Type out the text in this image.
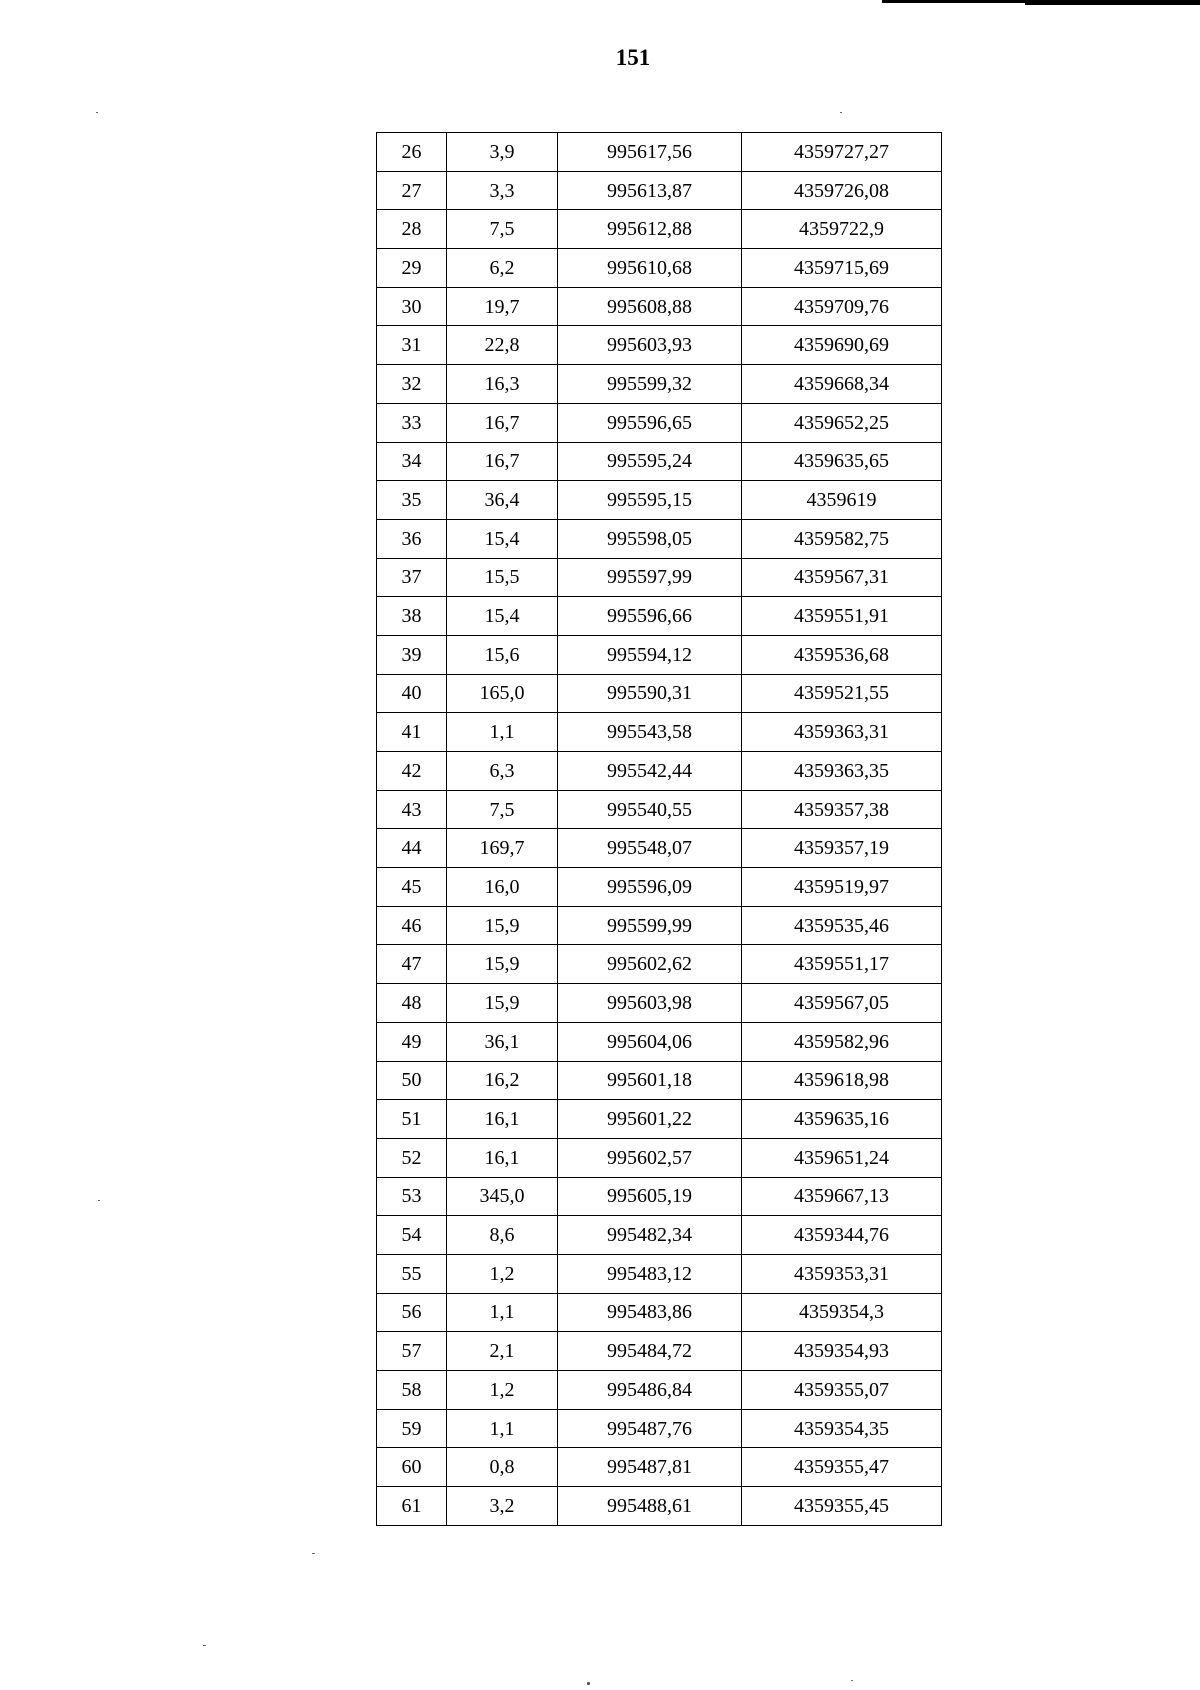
151
26	3,9	995617,56	4359727,27
27	3,3	995613,87	4359726,08
28	7,5	995612,88	4359722,9
29	6,2	995610,68	4359715,69
30	19,7	995608,88	4359709,76
31	22,8	995603,93	4359690,69
32	16,3	995599,32	4359668,34
33	16,7	995596,65	4359652,25
34	16,7	995595,24	4359635,65
35	36,4	995595,15	4359619
36	15,4	995598,05	4359582,75
37	15,5	995597,99	4359567,31
38	15,4	995596,66	4359551,91
39	15,6	995594,12	4359536,68
40	165,0	995590,31	4359521,55
41	1,1	995543,58	4359363,31
42	6,3	995542,44	4359363,35
43	7,5	995540,55	4359357,38
44	169,7	995548,07	4359357,19
45	16,0	995596,09	4359519,97
46	15,9	995599,99	4359535,46
47	15,9	995602,62	4359551,17
48	15,9	995603,98	4359567,05
49	36,1	995604,06	4359582,96
50	16,2	995601,18	4359618,98
51	16,1	995601,22	4359635,16
52	16,1	995602,57	4359651,24
53	345,0	995605,19	4359667,13
54	8,6	995482,34	4359344,76
55	1,2	995483,12	4359353,31
56	1,1	995483,86	4359354,3
57	2,1	995484,72	4359354,93
58	1,2	995486,84	4359355,07
59	1,1	995487,76	4359354,35
60	0,8	995487,81	4359355,47
61	3,2	995488,61	4359355,45
